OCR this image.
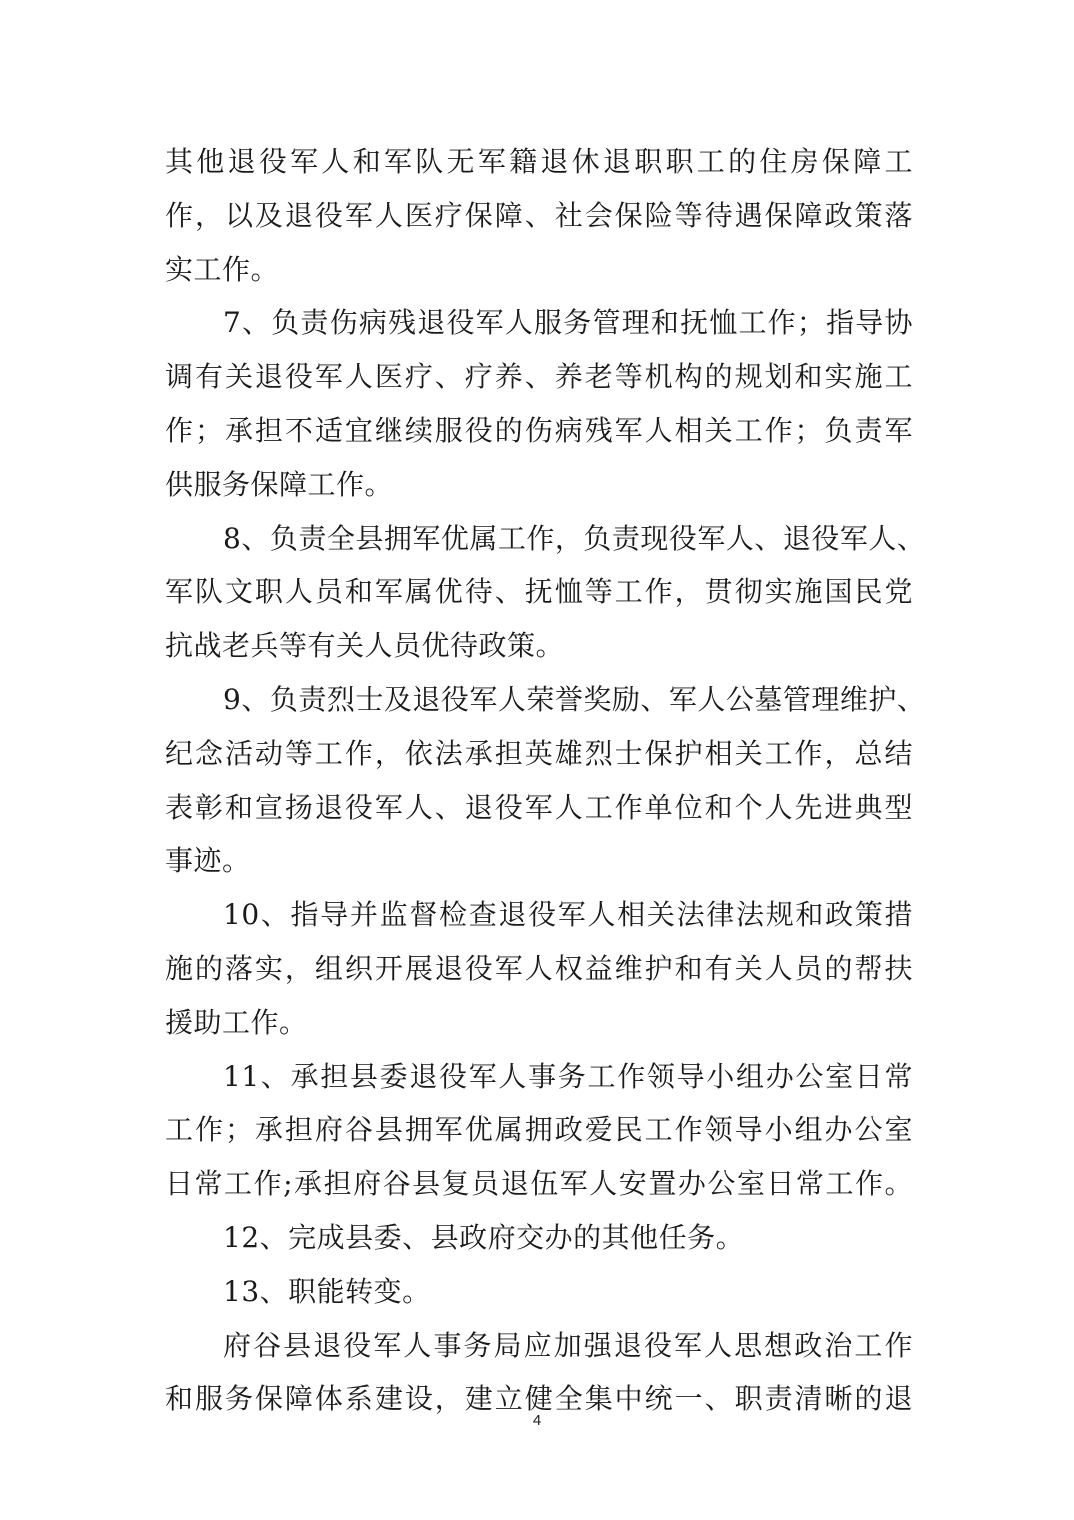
其他退役军人和军队无军籍退休退职职工的住房保障工
作，以及退役军人医疗保障、社会保险等待遇保障政策落
实工作。
7、负责伤病残退役军人服务管理和抚恤工作；指导协
调有关退役军人医疗、疗养、养老等机构的规划和实施工
作；承担不适宜继续服役的伤病残军人相关工作；负责军
供服务保障工作。
8、负责全县拥军优属工作，负责现役军人、退役军人、
军队文职人员和军属优待、抚恤等工作，贯彻实施国民党
抗战老兵等有关人员优待政策。
9、负责烈士及退役军人荣誉奖励、军人公墓管理维护、
纪念活动等工作，依法承担英雄烈士保护相关工作，总结
表彰和宣扬退役军人、退役军人工作单位和个人先进典型
事迹。
10、指导并监督检查退役军人相关法律法规和政策措
施的落实，组织开展退役军人权益维护和有关人员的帮扶
援助工作。
11、承担县委退役军人事务工作领导小组办公室日常
工作；承担府谷县拥军优属拥政爱民工作领导小组办公室
日常工作;承担府谷县复员退伍军人安置办公室日常工作。
12、完成县委、县政府交办的其他任务。
13、职能转变。
府谷县退役军人事务局应加强退役军人思想政治工作
和服务保障体系建设，建立健全集中统一、职责清晰的退
4
